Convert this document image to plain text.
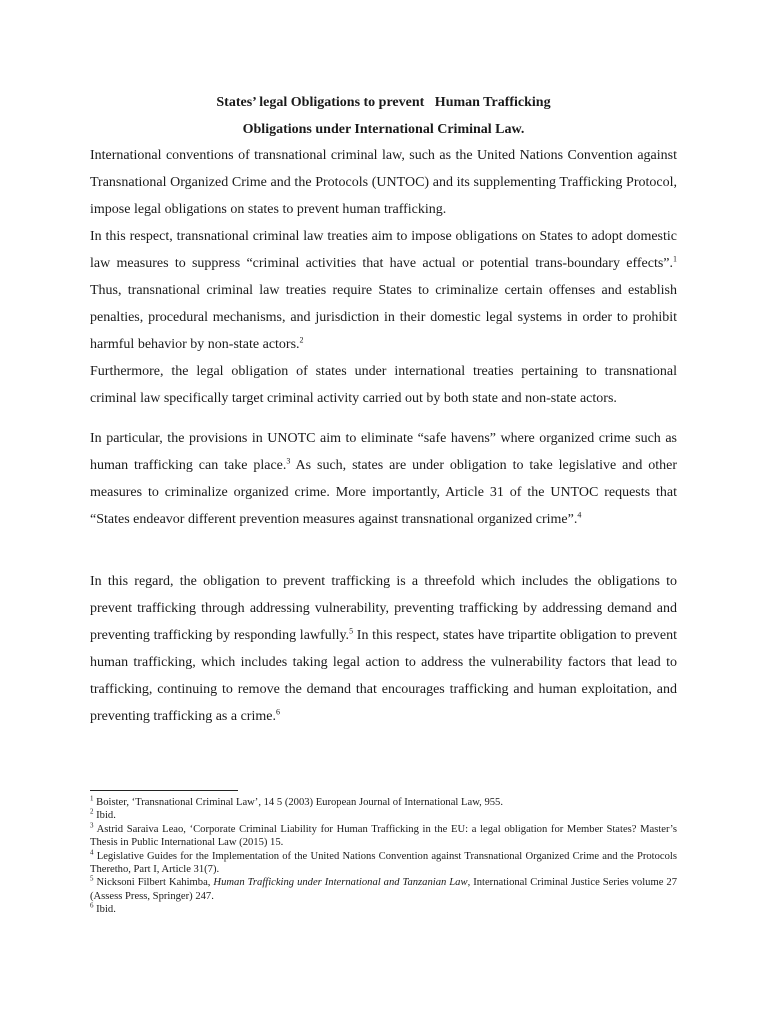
States’ legal Obligations to prevent   Human Trafficking
Obligations under International Criminal Law.

International conventions of transnational criminal law, such as the United Nations Convention against Transnational Organized Crime and the Protocols (UNTOC) and its supplementing Trafficking Protocol, impose legal obligations on states to prevent human trafficking.

In this respect, transnational criminal law treaties aim to impose obligations on States to adopt domestic law measures to suppress “criminal activities that have actual or potential trans-boundary effects”.$^1$ Thus, transnational criminal law treaties require States to criminalize certain offenses and establish penalties, procedural mechanisms, and jurisdiction in their domestic legal systems in order to prohibit harmful behavior by non-state actors.$^2$

Furthermore, the legal obligation of states under international treaties pertaining to transnational criminal law specifically target criminal activity carried out by both state and non-state actors.

In particular, the provisions in UNOTC aim to eliminate “safe havens” where organized crime such as human trafficking can take place.$^3$ As such, states are under obligation to take legislative and other measures to criminalize organized crime. More importantly, Article 31 of the UNTOC requests that “States endeavor different prevention measures against transnational organized crime”.$^4$

In this regard, the obligation to prevent trafficking is a threefold which includes the obligations to prevent trafficking through addressing vulnerability, preventing trafficking by addressing demand and preventing trafficking by responding lawfully.$^5$ In this respect, states have tripartite obligation to prevent human trafficking, which includes taking legal action to address the vulnerability factors that lead to trafficking, continuing to remove the demand that encourages trafficking and human exploitation, and preventing trafficking as a crime.$^6$

$^1$ Boister, ‘Transnational Criminal Law’, 14 5 (2003) European Journal of International Law, 955.

$^2$ Ibid.

$^3$ Astrid Saraiva Leao, ‘Corporate Criminal Liability for Human Trafficking in the EU: a legal obligation for Member States? Master’s Thesis in Public International Law (2015) 15.

$^4$ Legislative Guides for the Implementation of the United Nations Convention against Transnational Organized Crime and the Protocols Theretho, Part I, Article 31(7).

$^5$ Nicksoni Filbert Kahimba, Human Trafficking under International and Tanzanian Law, International Criminal Justice Series volume 27 (Assess Press, Springer) 247.

$^6$ Ibid.
